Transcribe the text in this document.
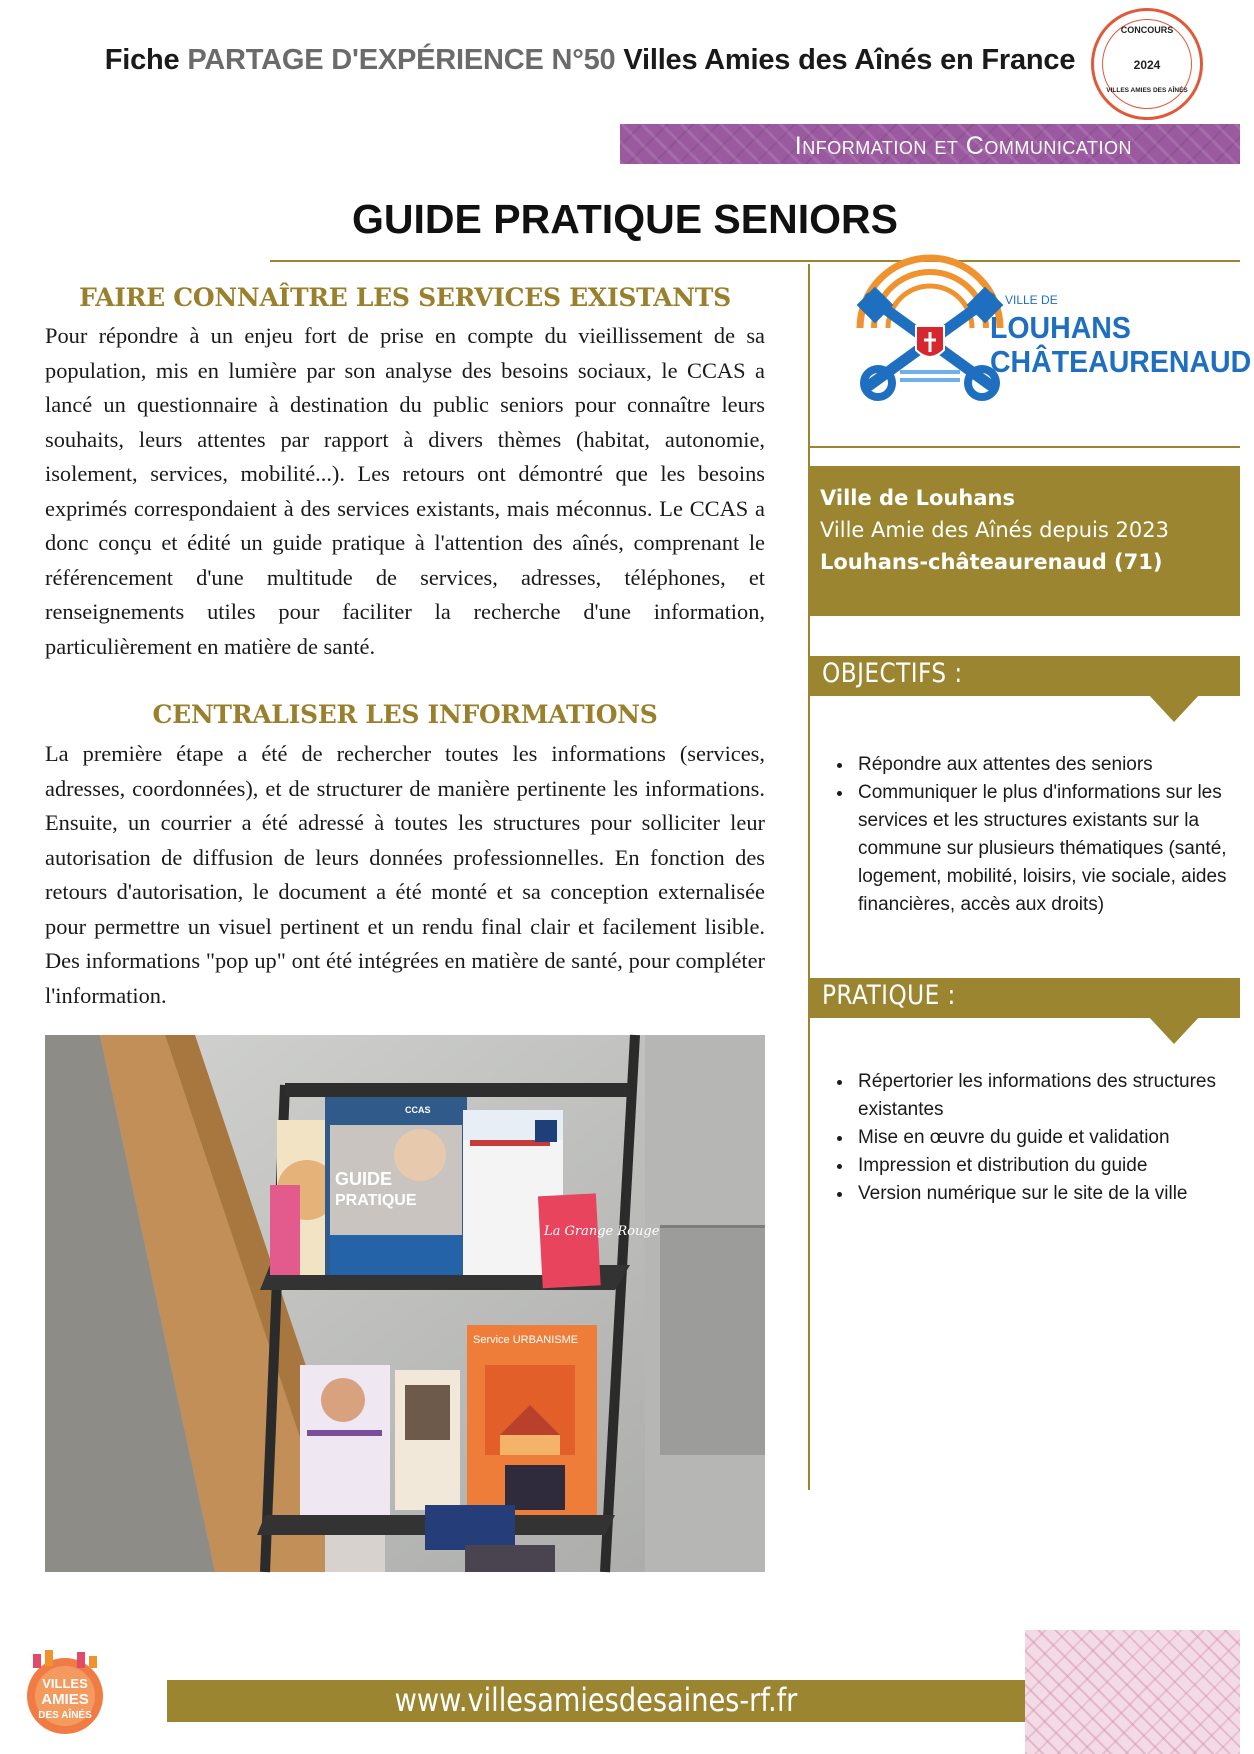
Fiche PARTAGE D'EXPÉRIENCE N°50 Villes Amies des Aînés en France
CONCOURS
2024
VILLES AMIES DES AÎNÉS
Information et Communication
GUIDE PRATIQUE SENIORS
FAIRE CONNAÎTRE LES SERVICES EXISTANTS
Pour répondre à un enjeu fort de prise en compte du vieillissement de sa population, mis en lumière par son analyse des besoins sociaux, le CCAS a lancé un questionnaire à destination du public seniors pour connaître leurs souhaits, leurs attentes par rapport à divers thèmes (habitat, autonomie, isolement, services, mobilité...). Les retours ont démontré que les besoins exprimés correspondaient à des services existants, mais méconnus. Le CCAS a donc conçu et édité un guide pratique à l'attention des aînés, comprenant le référencement d'une multitude de services, adresses, téléphones, et renseignements utiles pour faciliter la recherche d'une information, particulièrement en matière de santé.
CENTRALISER LES INFORMATIONS
La première étape a été de rechercher toutes les informations (services, adresses, coordonnées), et de structurer de manière pertinente les informations. Ensuite, un courrier a été adressé à toutes les structures pour solliciter leur autorisation de diffusion de leurs données professionnelles. En fonction des retours d'autorisation, le document a été monté et sa conception externalisée pour permettre un visuel pertinent et un rendu final clair et facilement lisible. Des informations "pop up" ont été intégrées en matière de santé, pour compléter l'information.
GUIDE
PRATIQUE
CCAS
La Grange Rouge
Service URBANISME
VILLE DE
LOUHANS
CHÂTEAURENAUD
Ville de Louhans
Ville Amie des Aînés depuis 2023
Louhans-châteaurenaud (71)
OBJECTIFS :
• Répondre aux attentes des seniors
• Communiquer le plus d'informations sur les services et les structures existants sur la commune sur plusieurs thématiques (santé, logement, mobilité, loisirs, vie sociale, aides financières, accès aux droits)
PRATIQUE :
• Répertorier les informations des structures existantes
• Mise en œuvre du guide et validation
• Impression et distribution du guide
• Version numérique sur le site de la ville
www.villesamiesdesaines-rf.fr
VILLES
AMIES
DES AÎNÉS
